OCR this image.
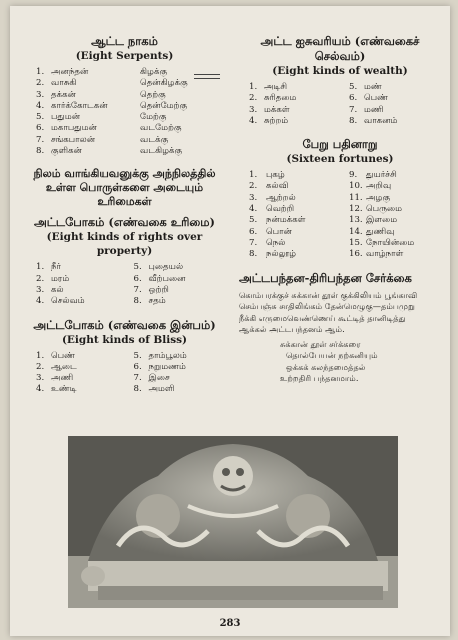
ஆட்ட நாகம்
(Eight Serpents)
1. அனந்தன்	கிழக்கு
2. வாசுகி	தென்கிழக்கு
3. தக்கன்	தெற்கு
4. கார்க்கோடகன்	தென்மேற்கு
5. பதுமன்	மேற்கு
6. மகாபதுமன்	வடமேற்கு
7. சங்கபாலன்	வடக்கு
8. குளிகன்	வடகிழக்கு
நிலம் வாங்கியவனுக்கு அந்நிலத்தில்
உள்ள பொருள்களை அடையும்
உரிமைகள்
அட்டபோகம் (எண்வகை உரிமை)
(Eight kinds of rights over property)
1. நீர்	5. புதையல்
2. மரம்	6. வீற்பனை
3. கல்	7. ஒற்றி
4. செல்வம்	8. சதம்
அட்டபோகம் (எண்வகை இன்பம்)
(Eight kinds of Bliss)
1. பெண்	5. தாம்பூலம்
2. ஆடை	6. நறுமணம்
3. அணி	7. இசை
4. உண்டி	8. அமளி
அட்ட ஐசுவரியம் (எண்வகைச் செல்வம்)
(Eight kinds of wealth)
1. அடிசி	5. மண்
2. சுரிதமை	6. பெண்
3. மக்கள்	7. மணி
4. சுற்றம்	8. வாகனம்
பேறு பதினாறு
(Sixteen fortunes)
1. புகழ்	9. துயர்ச்சி
2. கல்வி	10. அறிவு
3. ஆற்றல்	11. அழகு
4. வெற்றி	12. பெருமை
5. நன்மக்கள்	13. இளமை
6. பொன்	14. துணிவு
7. நெல்	15. நோயின்மை
8. நல்லூழ்	16. வாழ்நாள்
அட்டபந்தன-திரிபந்தன சேர்க்கை
கொம்பரக்குச் சுக்கான் தூள் குக்கிலியம் பூங்காவி
செம்பஞ்சு சாதிலிங்கம் தேன்மெழுகு—தம்பமுறு
நீக்கி எருமைவெண்ணெய் கூட்டித் தானிடித்து
ஆக்கல் அட்டபந்தனம் ஆம்.
சுக்கான் தூள் சர்க்கரை
தொல்பேயன் நற்கனியும்
ஒக்கக் கலந்தமைத்தல்
உற்றதிரி பந்தனமாம்.
283
